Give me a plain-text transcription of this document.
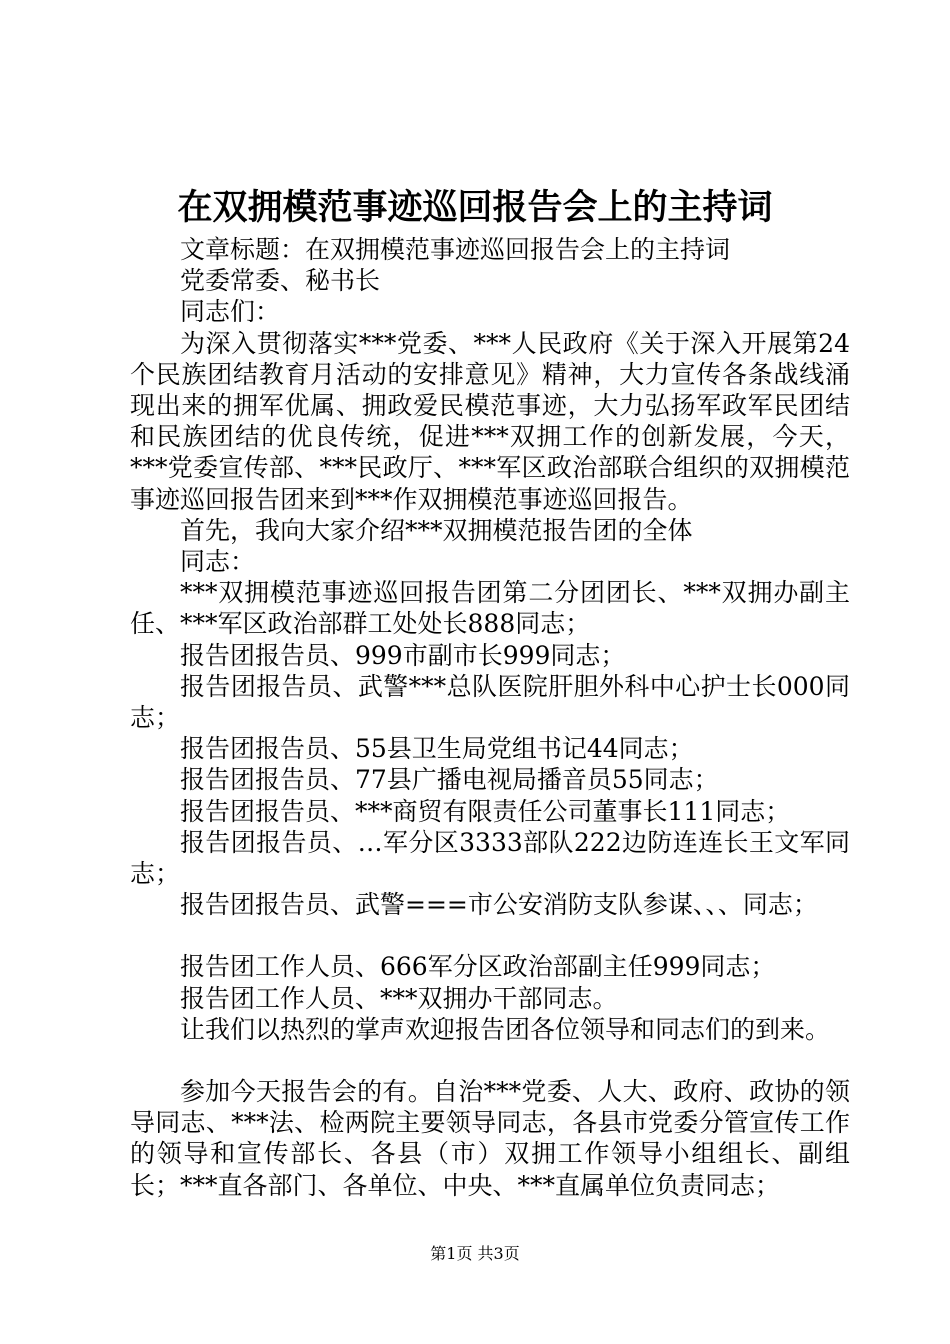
在双拥模范事迹巡回报告会上的主持词

文章标题：在双拥模范事迹巡回报告会上的主持词

党委常委、秘书长

同志们：

为深入贯彻落实***党委、***人民政府《关于深入开展第24个民族团结教育月活动的安排意见》精神，大力宣传各条战线涌现出来的拥军优属、拥政爱民模范事迹，大力弘扬军政军民团结和民族团结的优良传统，促进***双拥工作的创新发展，今天，***党委宣传部、***民政厅、***军区政治部联合组织的双拥模范事迹巡回报告团来到***作双拥模范事迹巡回报告。

首先，我向大家介绍***双拥模范报告团的全体

同志：

***双拥模范事迹巡回报告团第二分团团长、***双拥办副主任、***军区政治部群工处处长888同志；

报告团报告员、999市副市长999同志；

报告团报告员、武警***总队医院肝胆外科中心护士长000同志；

报告团报告员、55县卫生局党组书记44同志；

报告团报告员、77县广播电视局播音员55同志；

报告团报告员、***商贸有限责任公司董事长111同志；

报告团报告员、…军分区3333部队222边防连连长王文军同志；

报告团报告员、武警===市公安消防支队参谋、、、同志；

报告团工作人员、666军分区政治部副主任999同志；

报告团工作人员、***双拥办干部同志。

让我们以热烈的掌声欢迎报告团各位领导和同志们的到来。

参加今天报告会的有。自治***党委、人大、政府、政协的领导同志、***法、检两院主要领导同志，各县市党委分管宣传工作的领导和宣传部长、各县（市）双拥工作领导小组组长、副组长；***直各部门、各单位、中央、***直属单位负责同志；

第1页 共3页
